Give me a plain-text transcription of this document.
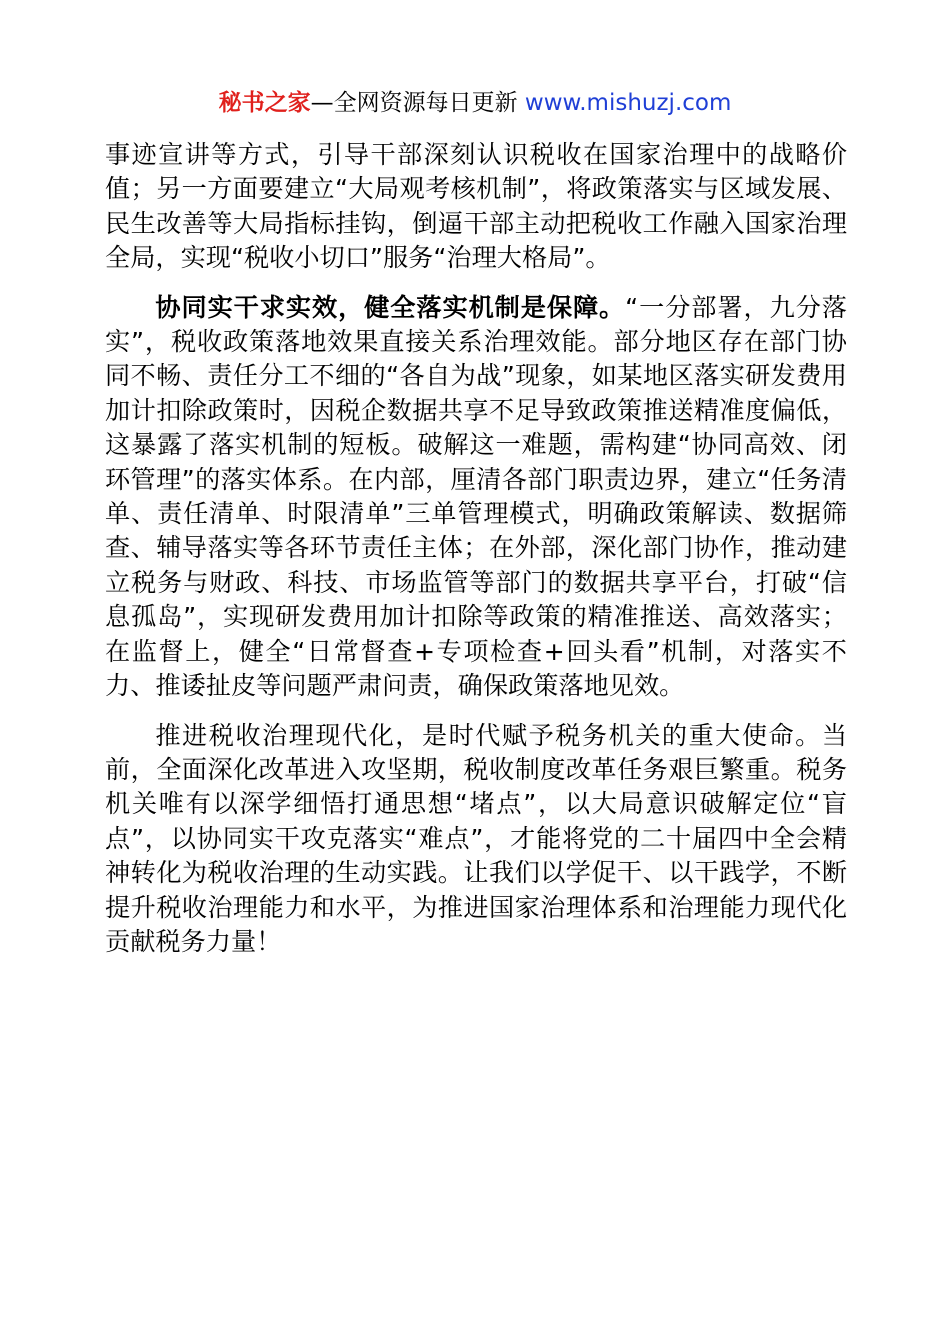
秘书之家—全网资源每日更新 www.mishuzj.com

事迹宣讲等方式，引导干部深刻认识税收在国家治理中的战略价值；另一方面要建立“大局观考核机制”，将政策落实与区域发展、民生改善等大局指标挂钩，倒逼干部主动把税收工作融入国家治理全局，实现“税收小切口”服务“治理大格局”。

协同实干求实效，健全落实机制是保障。“一分部署，九分落实”，税收政策落地效果直接关系治理效能。部分地区存在部门协同不畅、责任分工不细的“各自为战”现象，如某地区落实研发费用加计扣除政策时，因税企数据共享不足导致政策推送精准度偏低，这暴露了落实机制的短板。破解这一难题，需构建“协同高效、闭环管理”的落实体系。在内部，厘清各部门职责边界，建立“任务清单、责任清单、时限清单”三单管理模式，明确政策解读、数据筛查、辅导落实等各环节责任主体；在外部，深化部门协作，推动建立税务与财政、科技、市场监管等部门的数据共享平台，打破“信息孤岛”，实现研发费用加计扣除等政策的精准推送、高效落实；在监督上，健全“日常督查+专项检查+回头看”机制，对落实不力、推诿扯皮等问题严肃问责，确保政策落地见效。

推进税收治理现代化，是时代赋予税务机关的重大使命。当前，全面深化改革进入攻坚期，税收制度改革任务艰巨繁重。税务机关唯有以深学细悟打通思想“堵点”，以大局意识破解定位“盲点”，以协同实干攻克落实“难点”，才能将党的二十届四中全会精神转化为税收治理的生动实践。让我们以学促干、以干践学，不断提升税收治理能力和水平，为推进国家治理体系和治理能力现代化贡献税务力量！
